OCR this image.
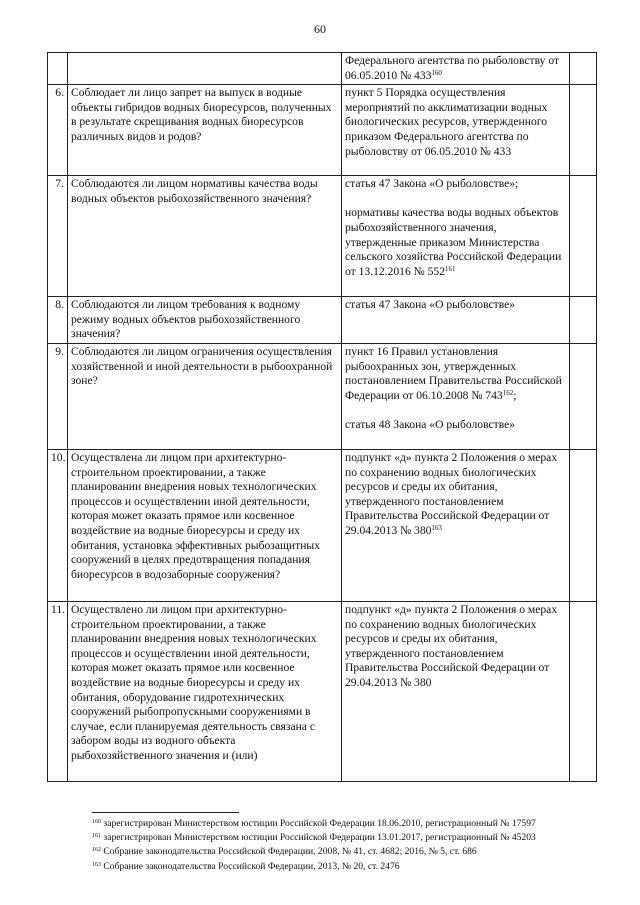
60

		Федерального агентства по рыболовству от 06.05.2010 № $433^{160}$

6.	Соблюдает ли лицо запрет на выпуск в водные объекты гибридов водных биоресурсов, полученных в результате скрещивания водных биоресурсов различных видов и родов?	пункт 5 Порядка осуществления мероприятий по акклиматизации водных биологических ресурсов, утвержденного приказом Федерального агентства по рыболовству от 06.05.2010 № 433	

7.	Соблюдаются ли лицом нормативы качества воды водных объектов рыбохозяйственного значения?	статья 47 Закона «О рыболовстве»;
нормативы качества воды водных объектов рыбохозяйственного значения, утвержденные приказом Министерства сельского хозяйства Российской Федерации от 13.12.2016 № $552^{161}$

8.	Соблюдаются ли лицом требования к водному режиму водных объектов рыбохозяйственного значения?	статья 47 Закона «О рыболовстве»	

9.	Соблюдаются ли лицом ограничения осуществления хозяйственной и иной деятельности в рыбоохранной зоне?	пункт 16 Правил установления рыбоохранных зон, утвержденных постановлением Правительства Российской Федерации от 06.10.2008 № $743^{162}$;
статья 48 Закона «О рыболовстве»	

10.	Осуществлена ли лицом при архитектурно-строительном проектировании, а также планировании внедрения новых технологических процессов и осуществлении иной деятельности, которая может оказать прямое или косвенное воздействие на водные биоресурсы и среду их обитания, установка эффективных рыбозащитных сооружений в целях предотвращения попадания биоресурсов в водозаборные сооружения?	подпункт «д» пункта 2 Положения о мерах по сохранению водных биологических ресурсов и среды их обитания, утвержденного постановлением Правительства Российской Федерации от 29.04.2013 № $380^{163}$

11.	Осуществлено ли лицом при архитектурно-строительном проектировании, а также планировании внедрения новых технологических процессов и осуществлении иной деятельности, которая может оказать прямое или косвенное воздействие на водные биоресурсы и среду их обитания, оборудование гидротехнических сооружений рыбопропускными сооружениями в случае, если планируемая деятельность связана с забором воды из водного объекта рыбохозяйственного значения и (или)	подпункт «д» пункта 2 Положения о мерах по сохранению водных биологических ресурсов и среды их обитания, утвержденного постановлением Правительства Российской Федерации от 29.04.2013 № 380	

$^{160}$ зарегистрирован Министерством юстиции Российской Федерации 18.06.2010, регистрационный № 17597
$^{161}$ зарегистрирован Министерством юстиции Российской Федерации 13.01.2017, регистрационный № 45203
$^{162}$ Собрание законодательства Российской Федерации, 2008, № 41, ст. 4682; 2016, № 5, ст. 686
$^{163}$ Собрание законодательства Российской Федерации, 2013, № 20, ст. 2476
